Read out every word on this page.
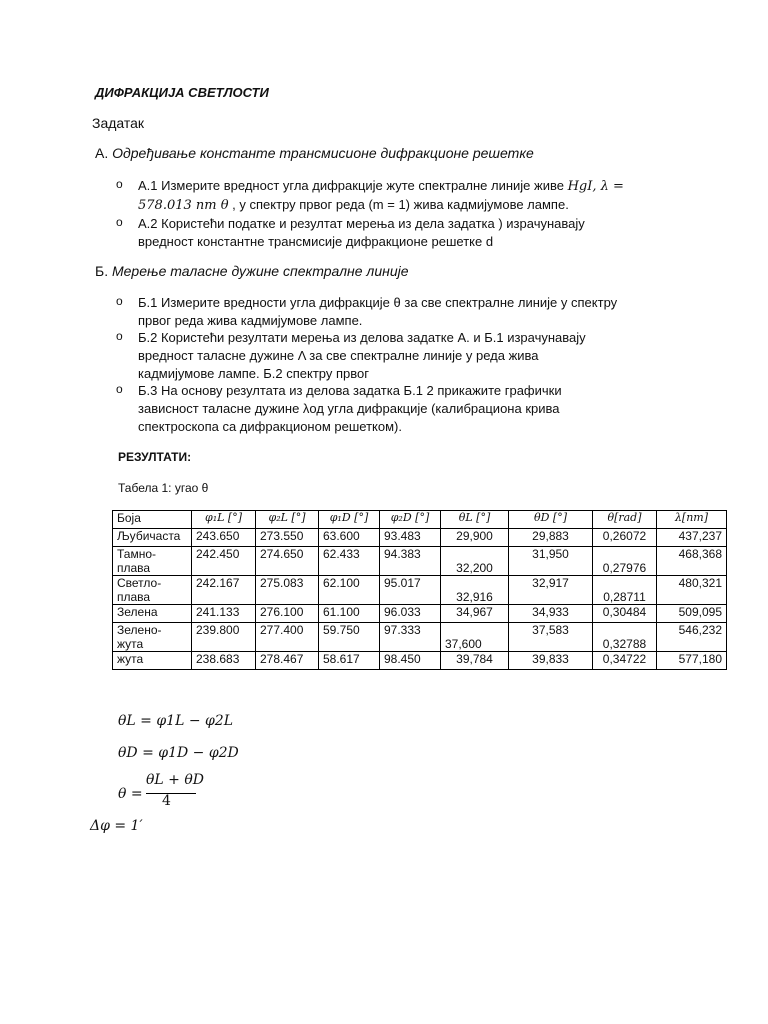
ДИФРАКЦИЈА СВЕТЛОСТИ
Задатак
А. Одређивање константе трансмисионе дифракционе решетке
o А.1 Измерите вредност угла дифракције жуте спектралне линије живе HgI, λ =
578.013 nm θ , у спектру првог реда (m = 1) жива кадмијумове лампе.
o А.2 Користећи податке и резултат мерења из дела задатка ) израчунавају
вредност константне трансмисије дифракционе решетке d
Б. Мерење таласне дужине спектралне линије
o Б.1 Измерите вредности угла дифракције θ за све спектралне линије у спектру
првог реда жива кадмијумове лампе.
o Б.2 Користећи резултати мерења из делова задатке А. и Б.1 израчунавају
вредност таласне дужине Λ за све спектралне линије у реда жива
кадмијумове лампе. Б.2 спектру првог
o Б.3 На основу резултата из делова задатка Б.1 2 прикажите графички
зависност таласне дужине λод угла дифракције (калибрациона крива
спектроскопа са дифракционом решетком).
РЕЗУЛТАТИ:
Табела 1: угао θ
Боја	φ₁L [°]	φ₂L [°]	φ₁D [°]	φ₂D [°]	θL [°]	θD [°]	θ[rad]	λ[nm]
Љубичаста	243.650	273.550	63.600	93.483	29,900	29,883	0,26072	437,237
Тамно-
плава	242.450	274.650	62.433	94.383	32,200	31,950	0,27976	468,368
Светло-
плава	242.167	275.083	62.100	95.017	32,916	32,917	0,28711	480,321
Зелена	241.133	276.100	61.100	96.033	34,967	34,933	0,30484	509,095
Зелено-
жута	239.800	277.400	59.750	97.333	37,600	37,583	0,32788	546,232
жута	238.683	278.467	58.617	98.450	39,784	39,833	0,34722	577,180
θL = φ1L − φ2L
θD = φ1D − φ2D
θ =
θL + θD
4
Δφ = 1′
